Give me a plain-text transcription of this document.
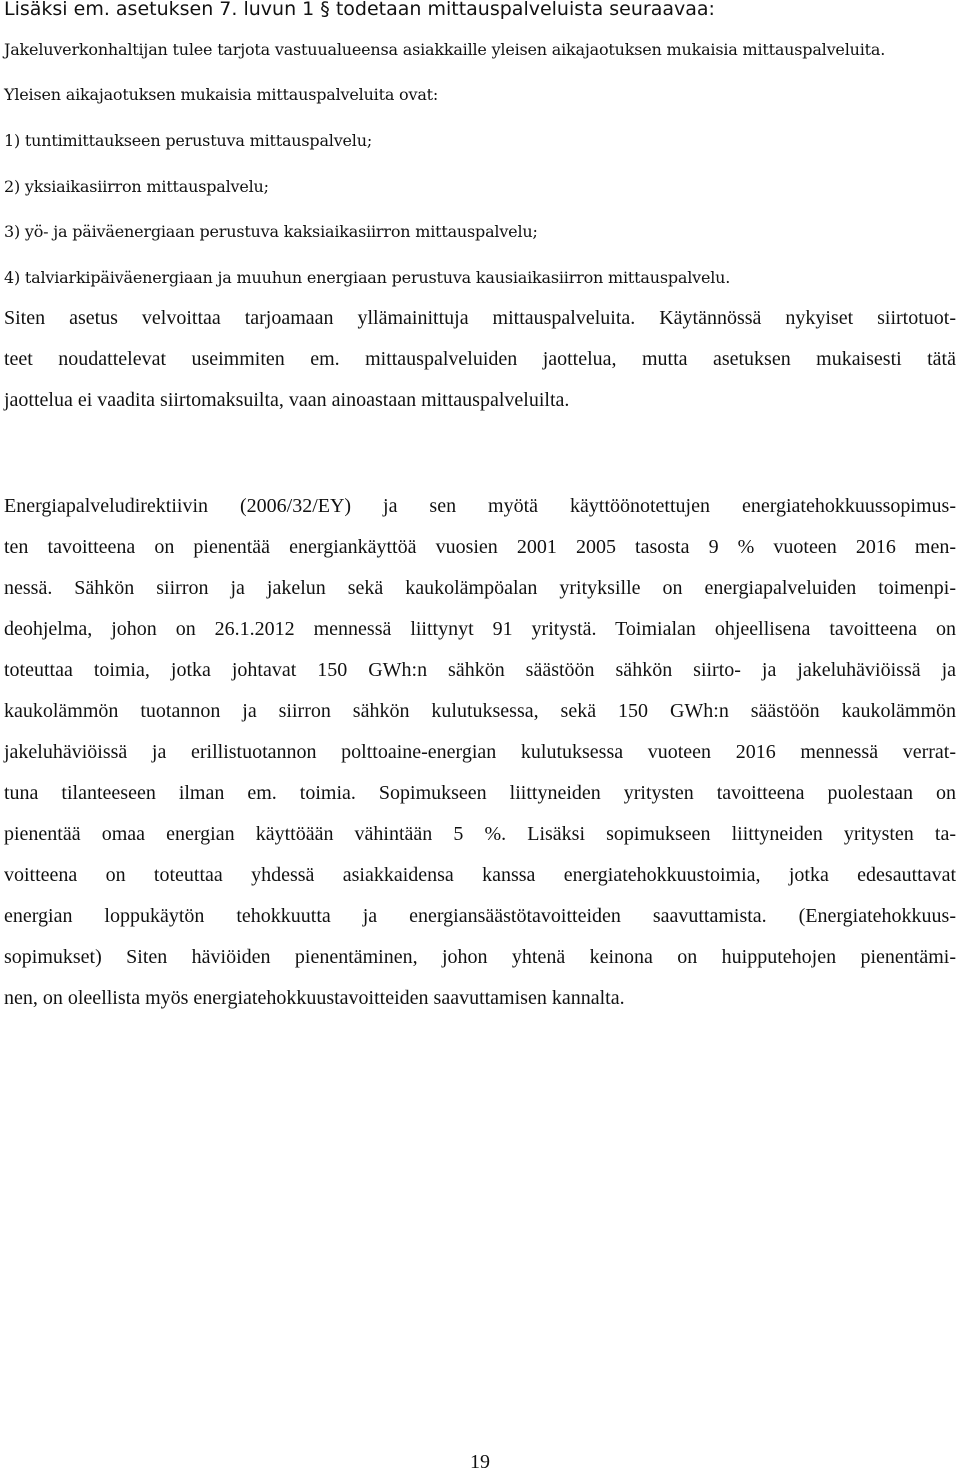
Lisäksi em. asetuksen 7. luvun 1 § todetaan mittauspalveluista seuraavaa:
Jakeluverkonhaltijan tulee tarjota vastuualueensa asiakkaille yleisen aikajaotuksen mukaisia mittauspalveluita.
Yleisen aikajaotuksen mukaisia mittauspalveluita ovat:
1) tuntimittaukseen perustuva mittauspalvelu;
2) yksiaikasiirron mittauspalvelu;
3) yö- ja päiväenergiaan perustuva kaksiaikasiirron mittauspalvelu;
4) talviarkipäiväenergiaan ja muuhun energiaan perustuva kausiaikasiirron mittauspalvelu.
Siten asetus velvoittaa tarjoamaan yllämainittuja mittauspalveluita. Käytännössä nykyiset siirtotuot-
teet noudattelevat useimmiten em. mittauspalveluiden jaottelua, mutta asetuksen mukaisesti tätä
jaottelua ei vaadita siirtomaksuilta, vaan ainoastaan mittauspalveluilta.
Energiapalveludirektiivin (2006/32/EY) ja sen myötä käyttöönotettujen energiatehokkuussopimus-
ten tavoitteena on pienentää energiankäyttöä vuosien 2001 2005 tasosta 9 % vuoteen 2016 men-
nessä. Sähkön siirron ja jakelun sekä kaukolämpöalan yrityksille on energiapalveluiden toimenpi-
deohjelma, johon on 26.1.2012 mennessä liittynyt 91 yritystä. Toimialan ohjeellisena tavoitteena on
toteuttaa toimia, jotka johtavat 150 GWh:n sähkön säästöön sähkön siirto- ja jakeluhäviöissä ja
kaukolämmön tuotannon ja siirron sähkön kulutuksessa, sekä 150 GWh:n säästöön kaukolämmön
jakeluhäviöissä ja erillistuotannon polttoaine-energian kulutuksessa vuoteen 2016 mennessä verrat-
tuna tilanteeseen ilman em. toimia. Sopimukseen liittyneiden yritysten tavoitteena puolestaan on
pienentää omaa energian käyttöään vähintään 5 %. Lisäksi sopimukseen liittyneiden yritysten ta-
voitteena on toteuttaa yhdessä asiakkaidensa kanssa energiatehokkuustoimia, jotka edesauttavat
energian loppukäytön tehokkuutta ja energiansäästötavoitteiden saavuttamista. (Energiatehokkuus-
sopimukset) Siten häviöiden pienentäminen, johon yhtenä keinona on huipputehojen pienentämi-
nen, on oleellista myös energiatehokkuustavoitteiden saavuttamisen kannalta.
19
